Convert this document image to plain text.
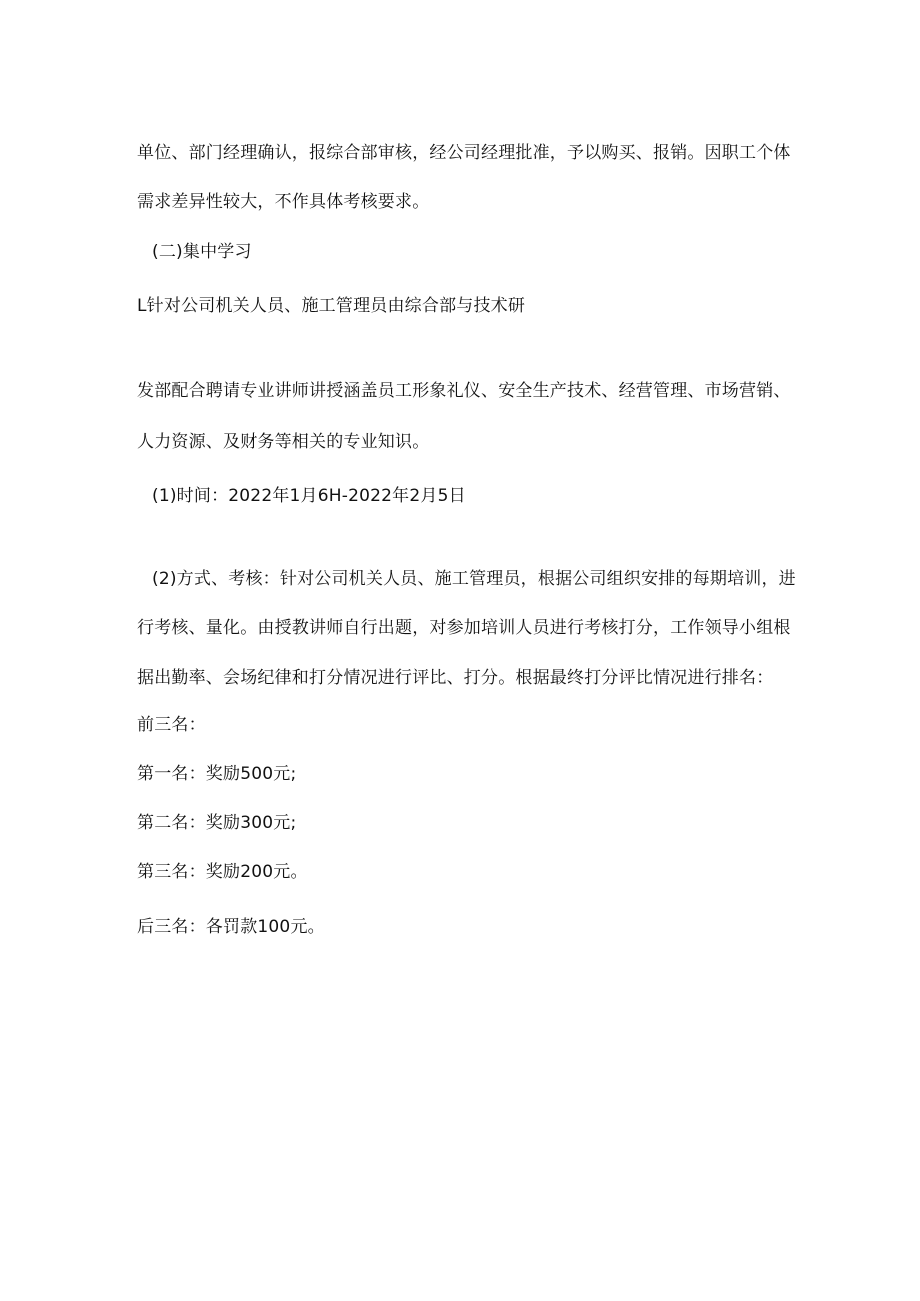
单位、部门经理确认，报综合部审核，经公司经理批准，予以购买、报销。因职工个体
需求差异性较大，不作具体考核要求。
(二)集中学习
L针对公司机关人员、施工管理员由综合部与技术研
发部配合聘请专业讲师讲授涵盖员工形象礼仪、安全生产技术、经营管理、市场营销、
人力资源、及财务等相关的专业知识。
(1)时间：2022年1月6H-2022年2月5日
(2)方式、考核：针对公司机关人员、施工管理员，根据公司组织安排的每期培训，进
行考核、量化。由授教讲师自行出题，对参加培训人员进行考核打分，工作领导小组根
据出勤率、会场纪律和打分情况进行评比、打分。根据最终打分评比情况进行排名：
前三名：
第一名：奖励500元;
第二名：奖励300元;
第三名：奖励200元。
后三名：各罚款100元。
